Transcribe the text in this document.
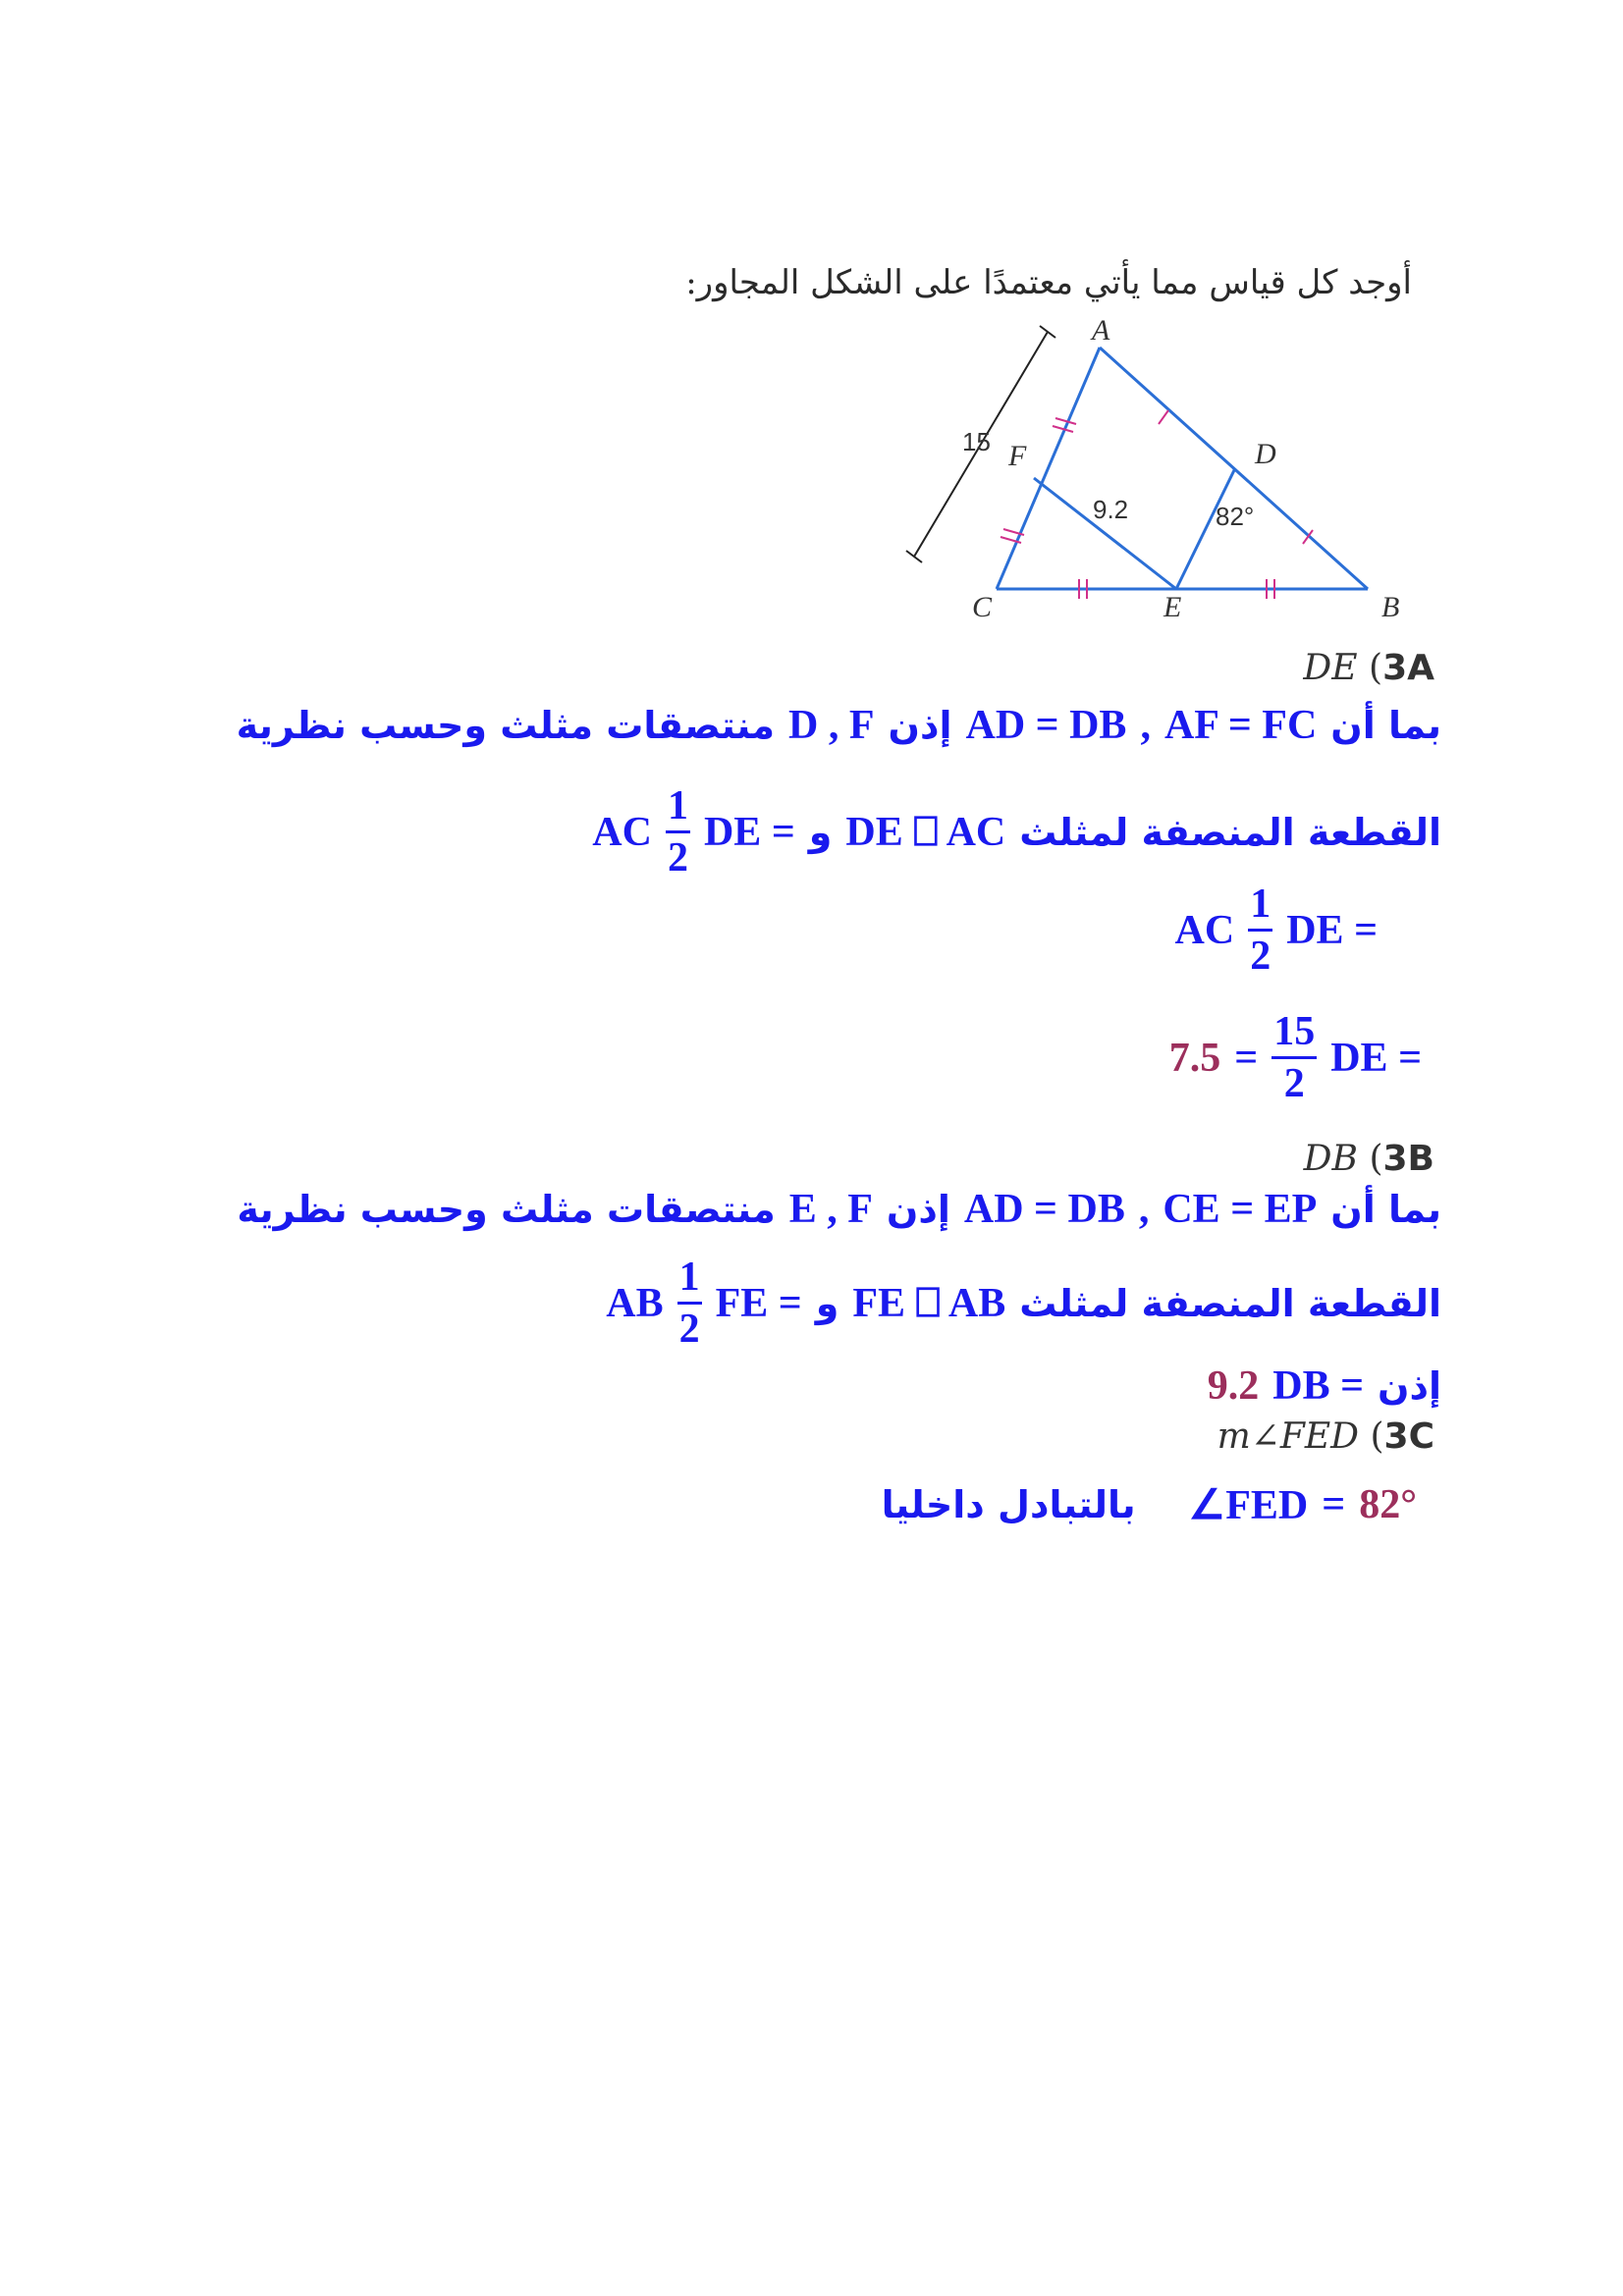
أوجد كل قياس مما يأتي معتمدًا على الشكل المجاور:
A
B
C
D
E
F
15
9.2	82°
DE (3A
بما أن
AF = FC
,
AD = DB
إذن
D , F
منتصقات مثلث وحسب نظرية
القطعة المنصفة لمثلث
DE ⎕ AC
و
DE =
$\frac{1}{2}$
AC
DE =
$\frac{1}{2}$
AC
DE =
$\frac{15}{2}$
=
7.5
DB (3B
بما أن
CE = EP
,
AD = DB
إذن
E , F
منتصقات مثلث وحسب نظرية
القطعة المنصفة لمثلث
FE ⎕ AB
و
FE =
$\frac{1}{2}$
AB
إذن
DB =
9.2
m∠FED (3C
82°
=
∠FED
بالتبادل داخليا
